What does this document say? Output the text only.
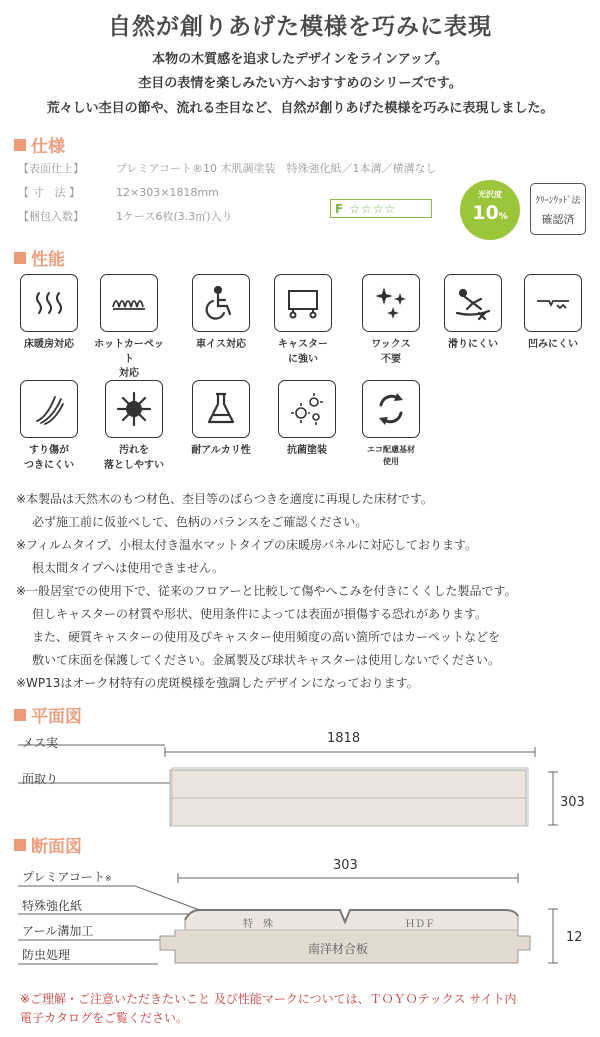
自然が創りあげた模様を巧みに表現
本物の木質感を追求したデザインをラインアップ。
杢目の表情を楽しみたい方へおすすめのシリーズです。
荒々しい杢目の節や、流れる杢目など、自然が創りあげた模様を巧みに表現しました。
仕様
【表面仕上】	プレミアコート®10 木肌調塗装　特殊強化紙／1本溝／横溝なし
【 寸　法 】	12×303×1818mm
【梱包入数】	1ケース6枚(3.3㎡)入り
F ☆☆☆☆
光沢度
10%
ｸﾘｰﾝｳｯﾄﾞ法
確認済
性能
床暖房対応	ホットカーペット
対応
車イス対応	キャスター
に強い
ワックス
不要
滑りにくい	凹みにくい
すり傷が
つきにくい
汚れを
落としやすい
耐アルカリ性	抗菌塗装	エコ配慮基材
使用
※本製品は天然木のもつ材色、杢目等のばらつきを適度に再現した床材です。
必ず施工前に仮並べして、色柄のバランスをご確認ください。
※フィルムタイプ、小根太付き温水マットタイプの床暖房パネルに対応しております。
根太間タイプへは使用できません。
※一般居室での使用下で、従来のフロアーと比較して傷やへこみを付きにくくした製品です。
但しキャスターの材質や形状、使用条件によっては表面が損傷する恐れがあります。
また、硬質キャスターの使用及びキャスター使用頻度の高い箇所ではカーペットなどを
敷いて床面を保護してください。金属製及び球状キャスターは使用しないでください。
※WP13はオーク材特有の虎斑模様を強調したデザインになっております。
平面図
メス実
面取り
1818
303
断面図
プレミアコート※
特殊強化紙
アール溝加工
防虫処理
303
12
特　殊	ＨＤＦ
南洋材合板
※ご理解・ご注意いただきたいこと 及び性能マークについては、ＴＯＹＯテックス サイト内
電子カタログをご覧ください。
